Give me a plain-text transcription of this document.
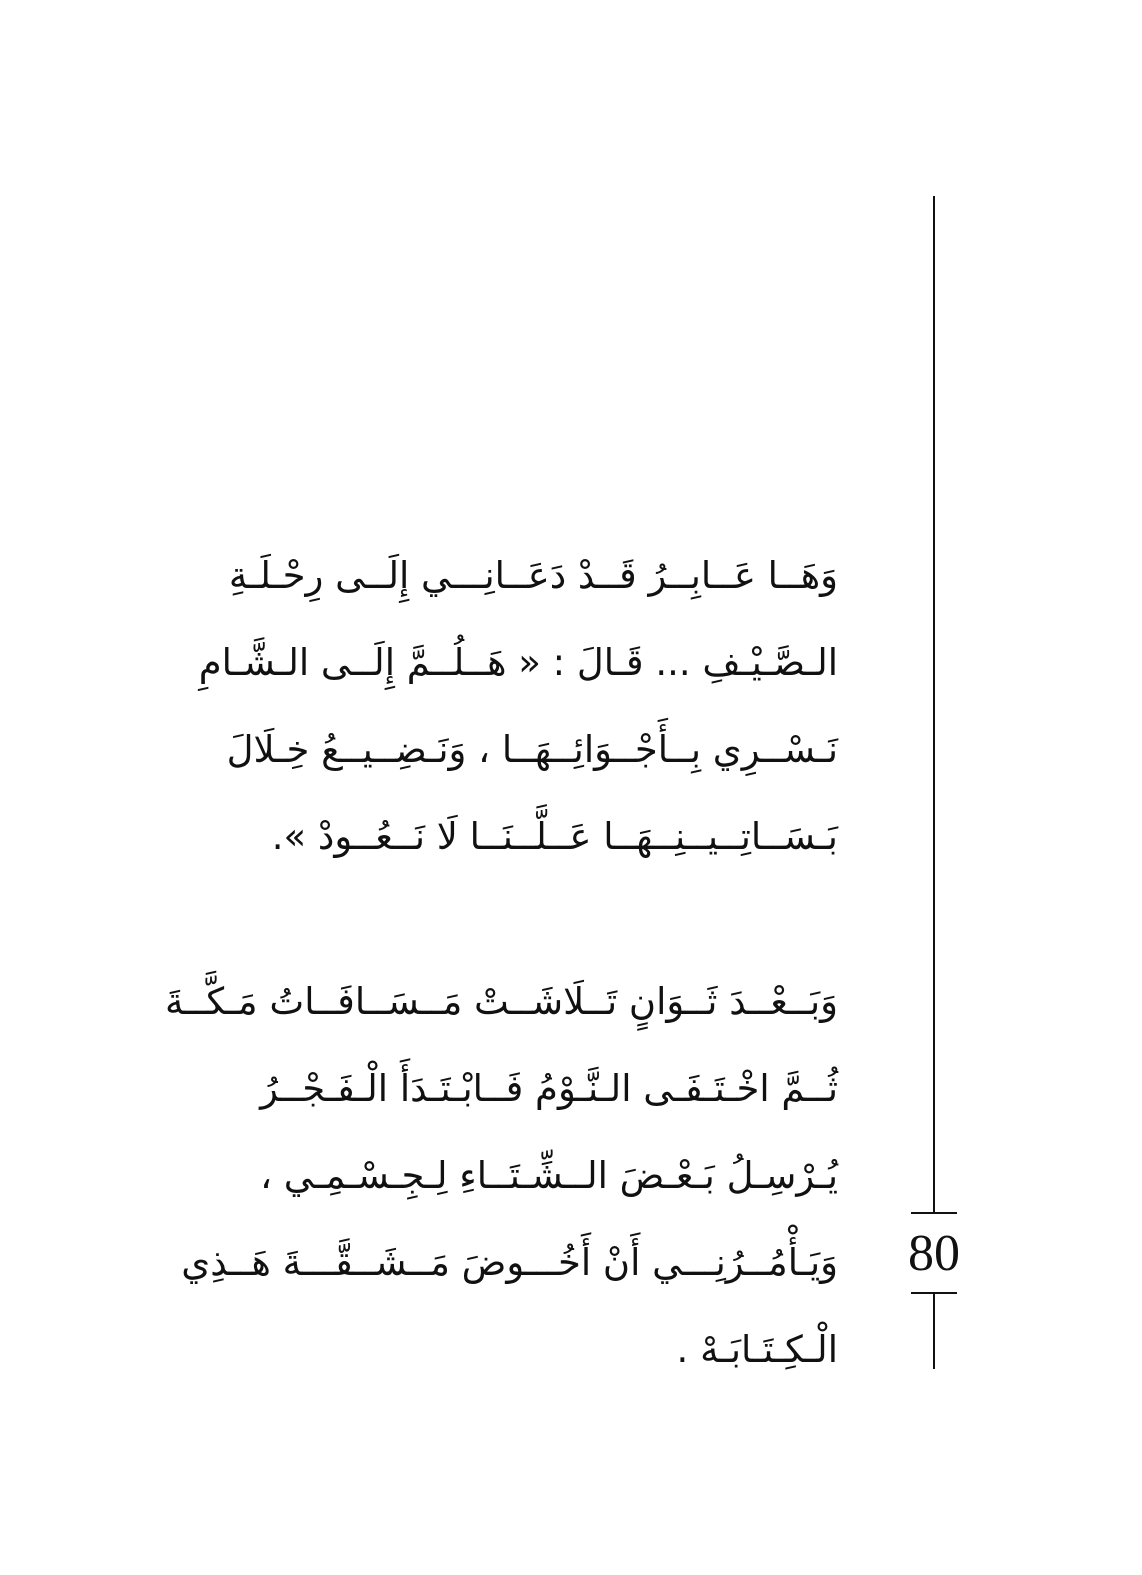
وَهَــا عَــابِــرُ قَــدْ دَعَــانِـــي إِلَــى رِحْـلَـةِ
الـصَّـيْـفِ ... قَـالَ : « هَــلُــمَّ إِلَــى الـشَّـامِ
نَـسْــرِي بِــأَجْــوَائِــهَــا ، وَنَـضِــيــعُ خِـلَالَ
بَـسَــاتِــيــنِــهَــا عَــلَّــنَــا لَا نَــعُــودْ ».
وَبَــعْــدَ ثَــوَانٍ تَــلَاشَــتْ مَــسَــافَــاتُ مَـكَّــةَ
ثُــمَّ اخْـتَـفَـى الـنَّـوْمُ فَــابْـتَـدَأَ الْـفَـجْــرُ
يُـرْسِـلُ بَـعْـضَ الــشِّـتَــاءِ لِـجِـسْـمِـي ،
وَيَـأْمُــرُنِـــي أَنْ أَخُـــوضَ مَــشَــقَّـــةَ هَــذِي
الْـكِـتَـابَـهْ .
80
